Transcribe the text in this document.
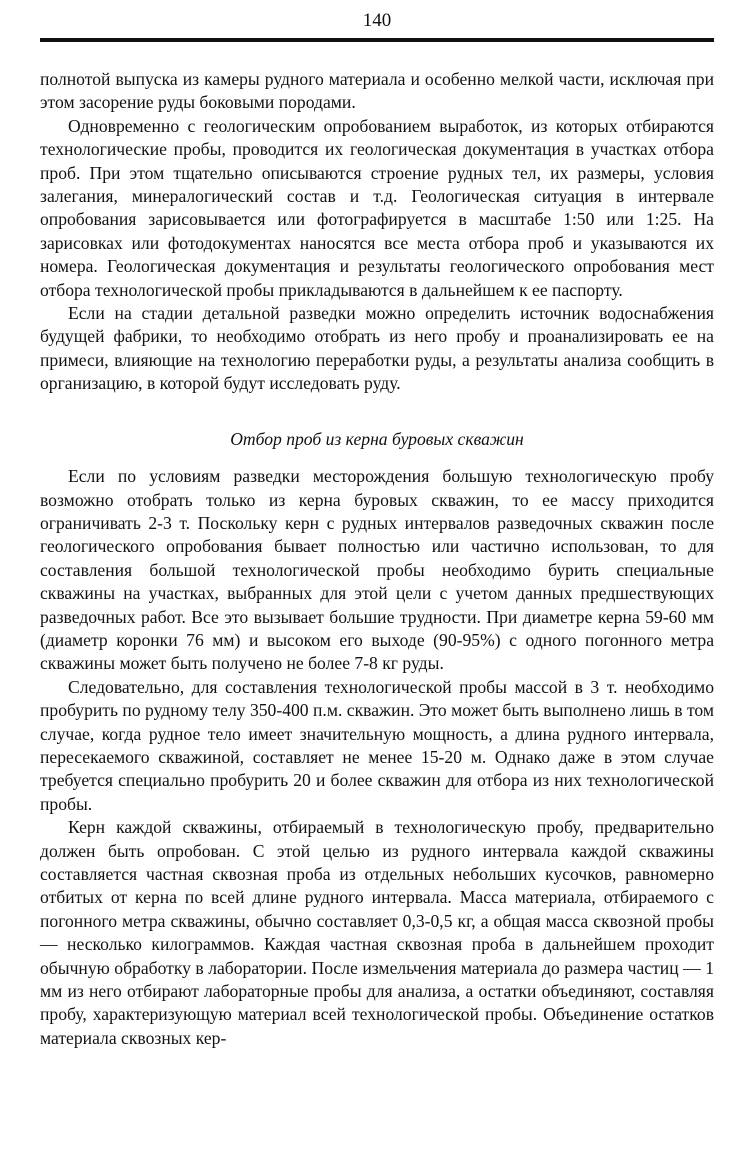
140

полнотой выпуска из камеры рудного материала и особенно мелкой части, исключая при этом засорение руды боковыми породами.

Одновременно с геологическим опробованием выработок, из которых отбираются технологические пробы, проводится их геологическая документация в участках отбора проб. При этом тщательно описываются строение рудных тел, их размеры, условия залегания, минералогический состав и т.д. Геологическая ситуация в интервале опробования зарисовывается или фотографируется в масштабе 1:50 или 1:25. На зарисовках или фотодокументах наносятся все места отбора проб и указываются их номера. Геологическая документация и результаты геологического опробования мест отбора технологической пробы прикладываются в дальнейшем к ее паспорту.

Если на стадии детальной разведки можно определить источник водоснабжения будущей фабрики, то необходимо отобрать из него пробу и проанализировать ее на примеси, влияющие на технологию переработки руды, а результаты анализа сообщить в организацию, в которой будут исследовать руду.

Отбор проб из керна буровых скважин

Если по условиям разведки месторождения большую технологическую пробу возможно отобрать только из керна буровых скважин, то ее массу приходится ограничивать 2-3 т. Поскольку керн с рудных интервалов разведочных скважин после геологического опробования бывает полностью или частично использован, то для составления большой технологической пробы необходимо бурить специальные скважины на участках, выбранных для этой цели с учетом данных предшествующих разведочных работ. Все это вызывает большие трудности. При диаметре керна 59-60 мм (диаметр коронки 76 мм) и высоком его выходе (90-95%) с одного погонного метра скважины может быть получено не более 7-8 кг руды.

Следовательно, для составления технологической пробы массой в 3 т. необходимо пробурить по рудному телу 350-400 п.м. скважин. Это может быть выполнено лишь в том случае, когда рудное тело имеет значительную мощность, а длина рудного интервала, пересекаемого скважиной, составляет не менее 15-20 м. Однако даже в этом случае требуется специально пробурить 20 и более скважин для отбора из них технологической пробы.

Керн каждой скважины, отбираемый в технологическую пробу, предварительно должен быть опробован. С этой целью из рудного интервала каждой скважины составляется частная сквозная проба из отдельных небольших кусочков, равномерно отбитых от керна по всей длине рудного интервала. Масса материала, отбираемого с погонного метра скважины, обычно составляет 0,3-0,5 кг, а общая масса сквозной пробы — несколько килограммов. Каждая частная сквозная проба в дальнейшем проходит обычную обработку в лаборатории. После измельчения материала до размера частиц — 1 мм из него отбирают лабораторные пробы для анализа, а остатки объединяют, составляя пробу, характеризующую материал всей технологической пробы. Объединение остатков материала сквозных кер-
